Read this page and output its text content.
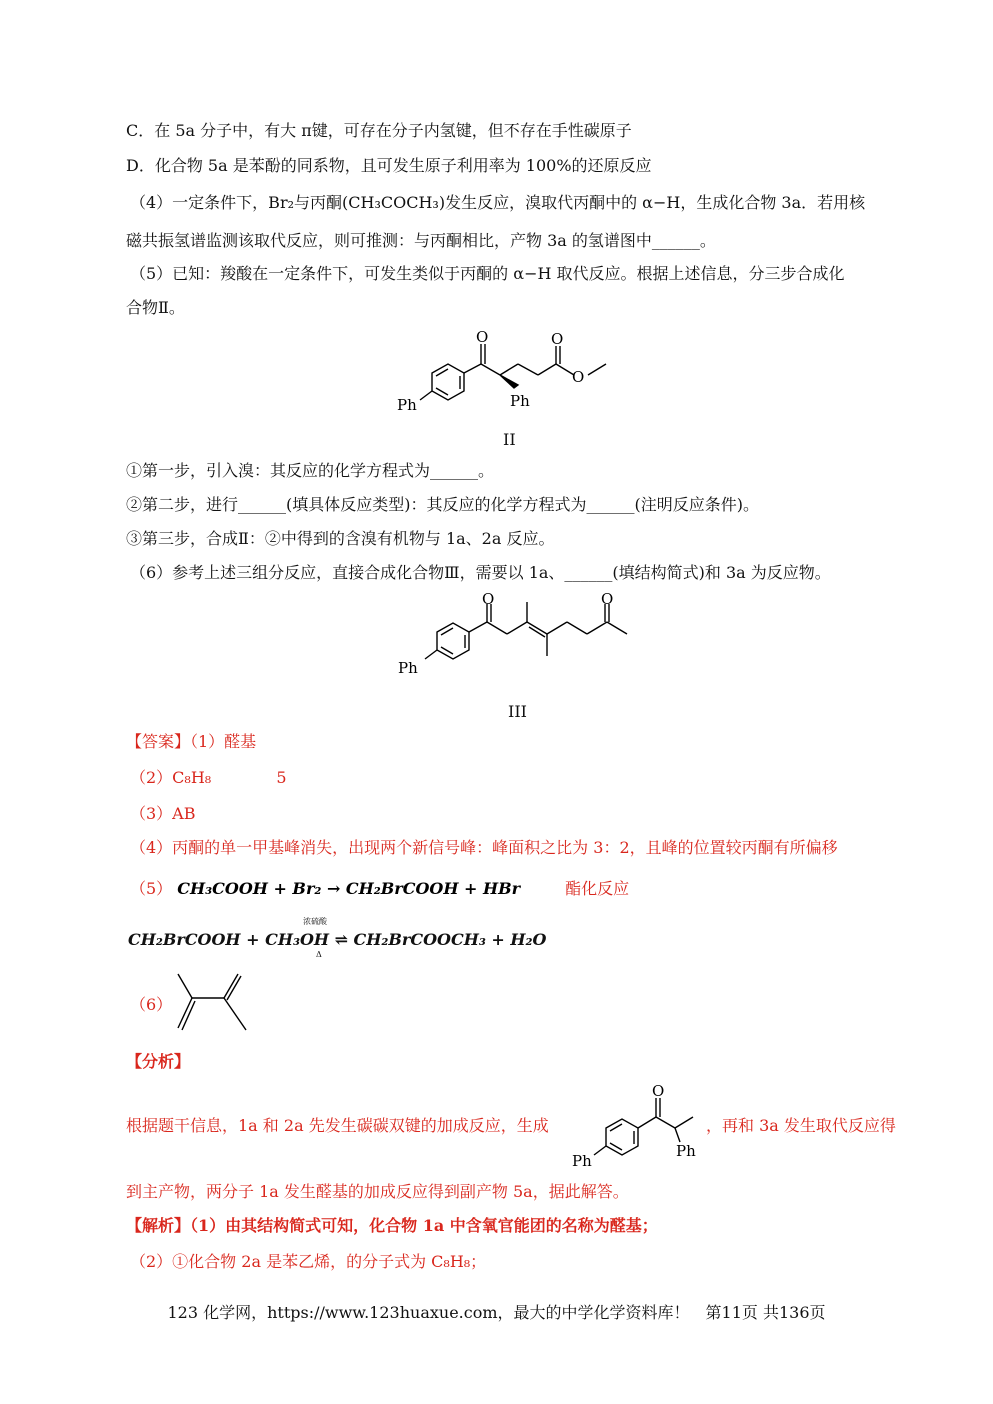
C．在 5a 分子中，有大 π键，可存在分子内氢键，但不存在手性碳原子
D．化合物 5a 是苯酚的同系物，且可发生原子利用率为 100%的还原反应
（4）一定条件下，Br₂与丙酮(CH₃COCH₃)发生反应，溴取代丙酮中的 α−H，生成化合物 3a．若用核
磁共振氢谱监测该取代反应，则可推测：与丙酮相比，产物 3a 的氢谱图中______。
（5）已知：羧酸在一定条件下，可发生类似于丙酮的 α−H 取代反应。根据上述信息，分三步合成化
合物Ⅱ。
Ph
O
Ph
O
O
II
①第一步，引入溴：其反应的化学方程式为______。
②第二步，进行______(填具体反应类型)：其反应的化学方程式为______(注明反应条件)。
③第三步，合成Ⅱ：②中得到的含溴有机物与 1a、2a 反应。
（6）参考上述三组分反应，直接合成化合物Ⅲ，需要以 1a、______(填结构简式)和 3a 为反应物。
Ph
O	O
III
【答案】（1）醛基
（2）C₈H₈	5
（3）AB
（4）丙酮的单一甲基峰消失，出现两个新信号峰：峰面积之比为 3：2，且峰的位置较丙酮有所偏移
（5） CH₃COOH + Br₂ → CH₂BrCOOH + HBr	酯化反应
CH₂BrCOOH + CH₃OH ⇌ CH₂BrCOOCH₃ + H₂O
浓硫酸
Δ
（6）
【分析】
根据题干信息，1a 和 2a 先发生碳碳双键的加成反应，生成
Ph
O
Ph
，再和 3a 发生取代反应得
到主产物，两分子 1a 发生醛基的加成反应得到副产物 5a，据此解答。
【解析】（1）由其结构简式可知，化合物 1a 中含氧官能团的名称为醛基；
（2）①化合物 2a 是苯乙烯，的分子式为 C₈H₈；
123 化学网，https://www.123huaxue.com，最大的中学化学资料库！　第11页 共136页
